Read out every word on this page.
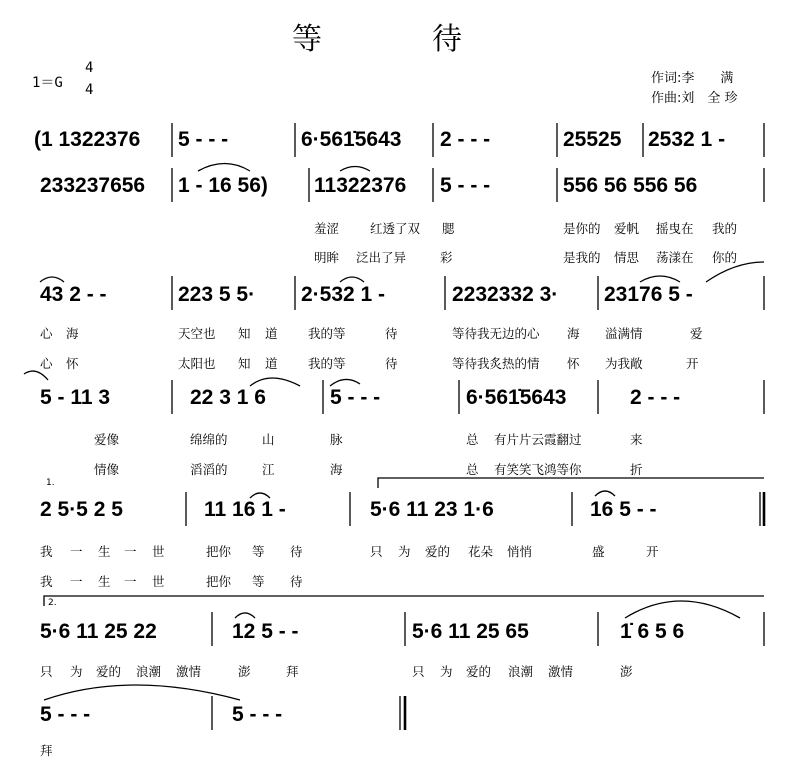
等待
1＝G
4
4
作词:李　　满
作曲:刘　全 珍
(1 1322376 5 - - -	6·561̇5643 2 - - -	25525 2532 1 -
233237656 1 - 16 56) 11322376 5 - - -	556 56 556 56
43 2 - -	223 5 5· 2·532 1 -	2232332 3· 23176 5 -
5 - 11 3	22 3 1 6	5 - - -	6·561̇5643	2 - - -
2 5·5 2 5	11 16 1 -	5·6 11 23 1·6	16 5 - -
1.
2.
5·6 11 25 22	12 5 - -	5·6 11 25 65	1̇ 6 5 6
5 - - -	5 - - -
羞涩 红透了双 腮	是你的 爱帆 摇曳在 我的
明眸 泛出了异	彩	是我的 情思 荡漾在 你的
心 海	天空也 知 道 我的等	待	等待我无边的心 海 溢满情	爱
心 怀	太阳也 知 道 我的等	待	等待我炙热的情 怀 为我敞	开
爱像	绵绵的	山	脉	总 有片片云霞翻过	来
情像	滔滔的	江	海	总 有笑笑飞鸿等你	折
我 一 生 一 世	把你 等 待	只 为 爱的 花朵 悄悄	盛	开
我 一 生 一 世	把你 等 待
只 为 爱的 浪潮 激情	澎	拜	只 为 爱的 浪潮 激情	澎
拜
